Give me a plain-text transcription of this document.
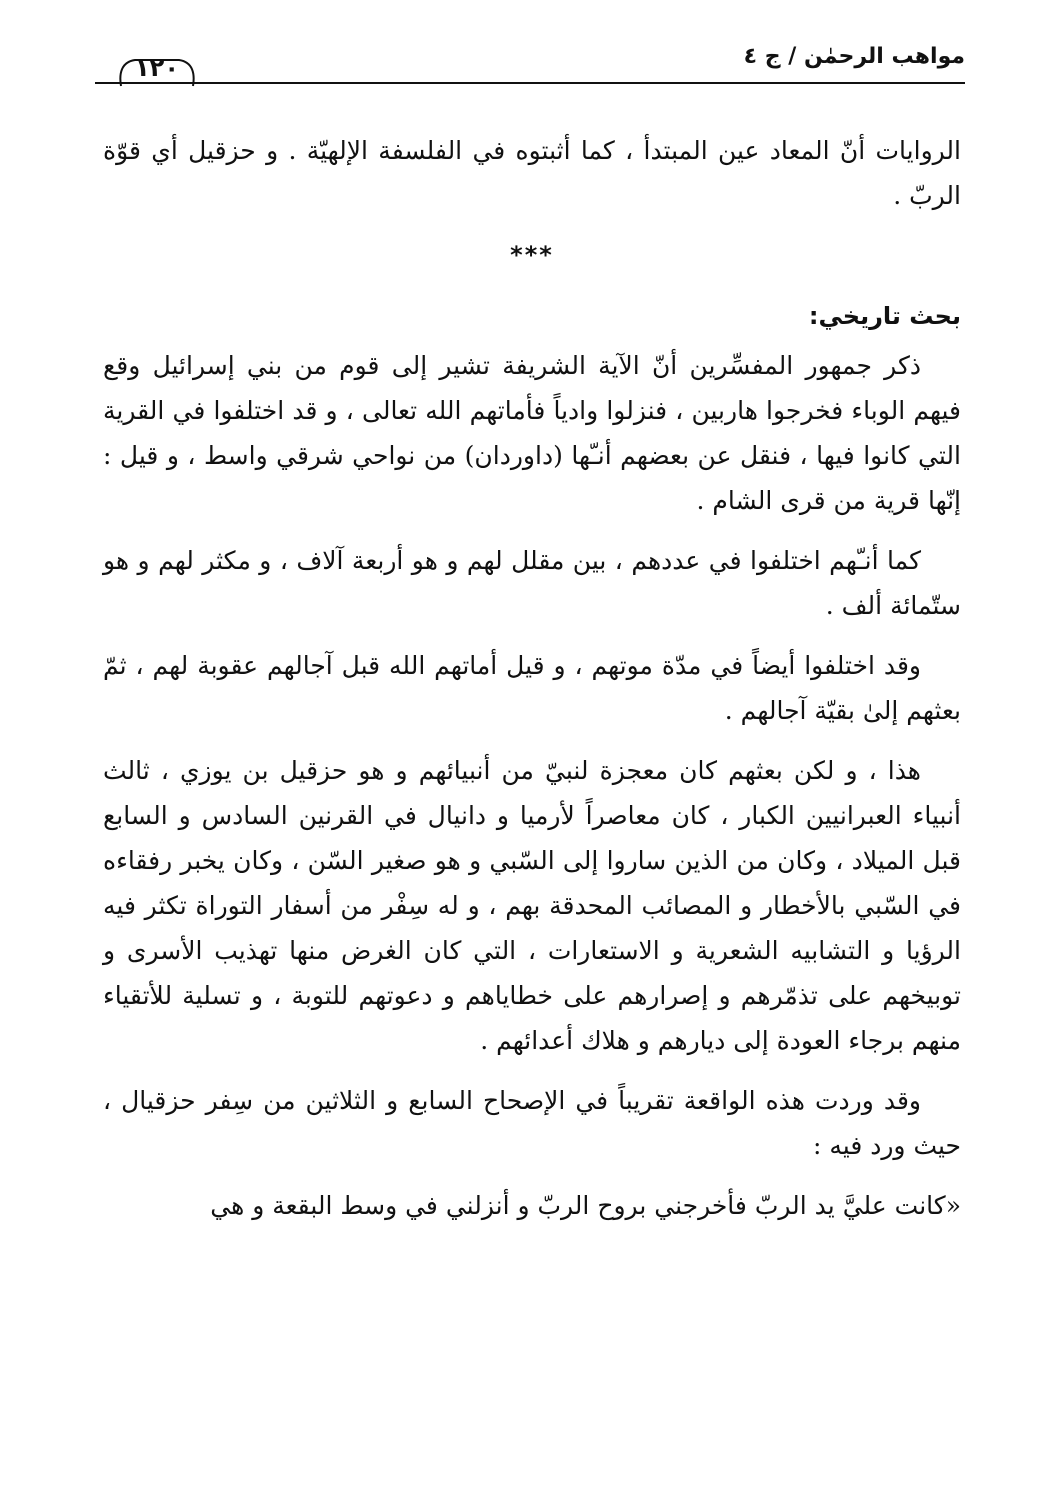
مواهب الرحمٰن / ج ٤
١٢٠

الروايات أنّ المعاد عين المبتدأ ، كما أثبتوه في الفلسفة الإلهيّة . و حزقيل أي قوّة الربّ .

***

بحث تاريخي:

ذكر جمهور المفسِّرين أنّ الآية الشريفة تشير إلى قوم من بني إسرائيل وقع فيهم الوباء فخرجوا هاربين ، فنزلوا وادياً فأماتهم الله تعالى ، و قد اختلفوا في القرية التي كانوا فيها ، فنقل عن بعضهم أنـّها (داوردان) من نواحي شرقي واسط ، و قيل : إنّها قرية من قرى الشام .

كما أنـّهم اختلفوا في عددهم ، بين مقلل لهم و هو أربعة آلاف ، و مكثر لهم و هو ستّمائة ألف .

وقد اختلفوا أيضاً في مدّة موتهم ، و قيل أماتهم الله قبل آجالهم عقوبة لهم ، ثمّ بعثهم إلىٰ بقيّة آجالهم .

هذا ، و لكن بعثهم كان معجزة لنبيّ من أنبيائهم و هو حزقيل بن يوزي ، ثالث أنبياء العبرانيين الكبار ، كان معاصراً لأرميا و دانيال في القرنين السادس و السابع قبل الميلاد ، وكان من الذين ساروا إلى السّبي و هو صغير السّن ، وكان يخبر رفقاءه في السّبي بالأخطار و المصائب المحدقة بهم ، و له سِفْر من أسفار التوراة تكثر فيه الرؤيا و التشابيه الشعرية و الاستعارات ، التي كان الغرض منها تهذيب الأسرى و توبيخهم على تذمّرهم و إصرارهم على خطاياهم و دعوتهم للتوبة ، و تسلية للأتقياء منهم برجاء العودة إلى ديارهم و هلاك أعدائهم .

وقد وردت هذه الواقعة تقريباً في الإصحاح السابع و الثلاثين من سِفر حزقيال ، حيث ورد فيه :

«كانت عليَّ يد الربّ فأخرجني بروح الربّ و أنزلني في وسط البقعة و هي
